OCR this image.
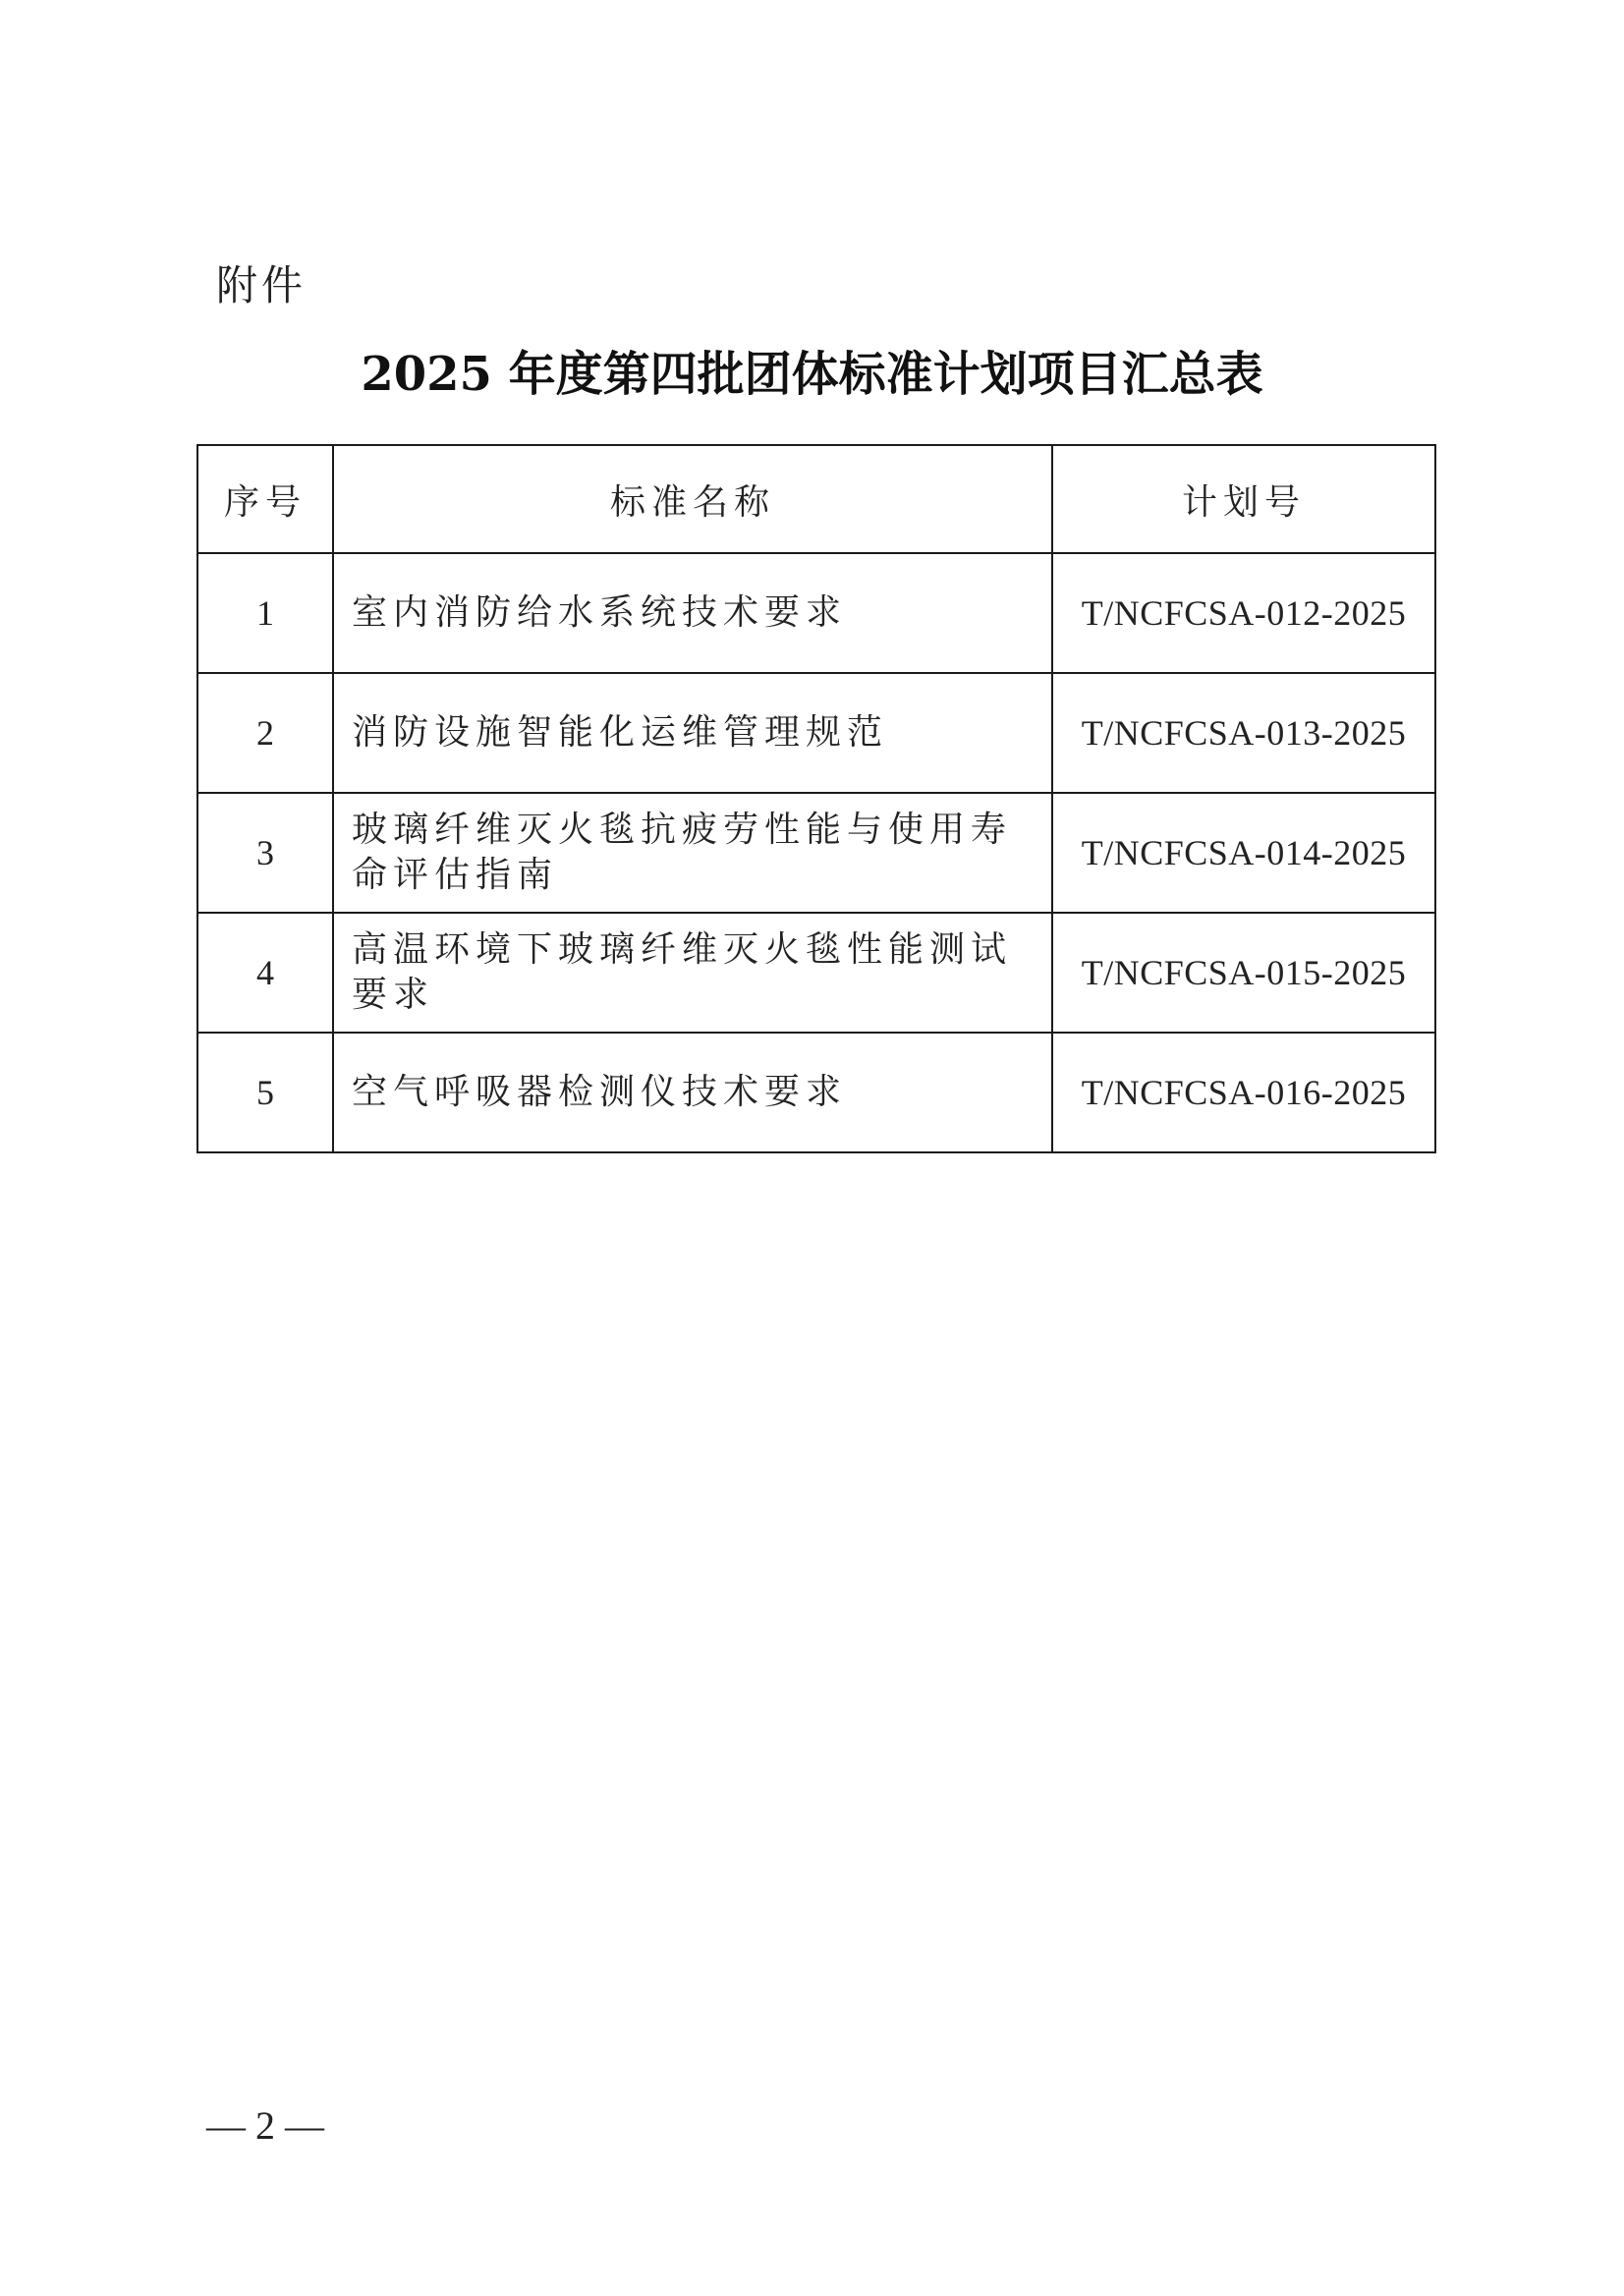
附件
2025 年度第四批团体标准计划项目汇总表
序号	标准名称	计划号
1	室内消防给水系统技术要求	T/NCFCSA-012-2025
2	消防设施智能化运维管理规范	T/NCFCSA-013-2025
3	玻璃纤维灭火毯抗疲劳性能与使用寿命评估指南	T/NCFCSA-014-2025
4	高温环境下玻璃纤维灭火毯性能测试要求	T/NCFCSA-015-2025
5	空气呼吸器检测仪技术要求	T/NCFCSA-016-2025
— 2 —
